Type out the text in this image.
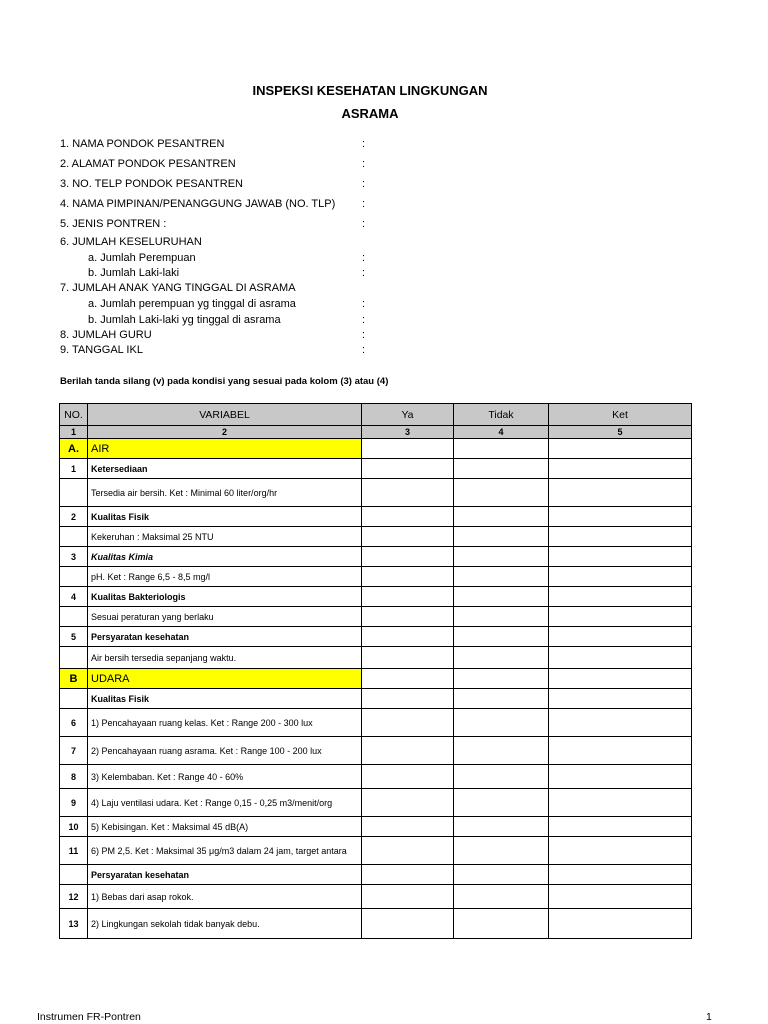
INSPEKSI KESEHATAN LINGKUNGAN
ASRAMA
1. NAMA PONDOK PESANTREN	:
2. ALAMAT PONDOK PESANTREN	:
3. NO. TELP PONDOK PESANTREN	:
4. NAMA PIMPINAN/PENANGGUNG JAWAB (NO. TLP) :
5. JENIS PONTREN :	:
6. JUMLAH KESELURUHAN
a. Jumlah Perempuan	:
b. Jumlah Laki-laki	:
7. JUMLAH ANAK YANG TINGGAL DI ASRAMA
a. Jumlah perempuan yg tinggal di asrama	:
b. Jumlah Laki-laki yg tinggal di asrama	:
8. JUMLAH GURU	:
9. TANGGAL IKL	:
Berilah tanda silang (v) pada kondisi yang sesuai pada kolom (3) atau (4)
NO.	VARIABEL	Ya	Tidak	Ket
1	2	3	4	5
A.	AIR			
1	Ketersediaan			
	Tersedia air bersih. Ket : Minimal 60 liter/org/hr			
2	Kualitas Fisik			
	Kekeruhan : Maksimal 25 NTU			
3	Kualitas Kimia			
	pH. Ket : Range 6,5 - 8,5 mg/l			
4	Kualitas Bakteriologis			
	Sesuai peraturan yang berlaku			
5	Persyaratan kesehatan			
	Air bersih tersedia sepanjang waktu.			
B	UDARA			
	Kualitas Fisik			
6	1) Pencahayaan ruang kelas. Ket : Range 200 - 300 lux			
7	2) Pencahayaan ruang asrama. Ket : Range 100 - 200 lux			
8	3) Kelembaban. Ket : Range 40 - 60%			
9	4) Laju ventilasi udara. Ket : Range 0,15 - 0,25 m3/menit/org			
10	5) Kebisingan. Ket : Maksimal 45 dB(A)			
11	6) PM 2,5. Ket : Maksimal 35 μg/m3 dalam 24 jam, target antara			
	Persyaratan kesehatan			
12	1) Bebas dari asap rokok.			
13	2) Lingkungan sekolah tidak banyak debu.			
Instrumen FR-Pontren	1
